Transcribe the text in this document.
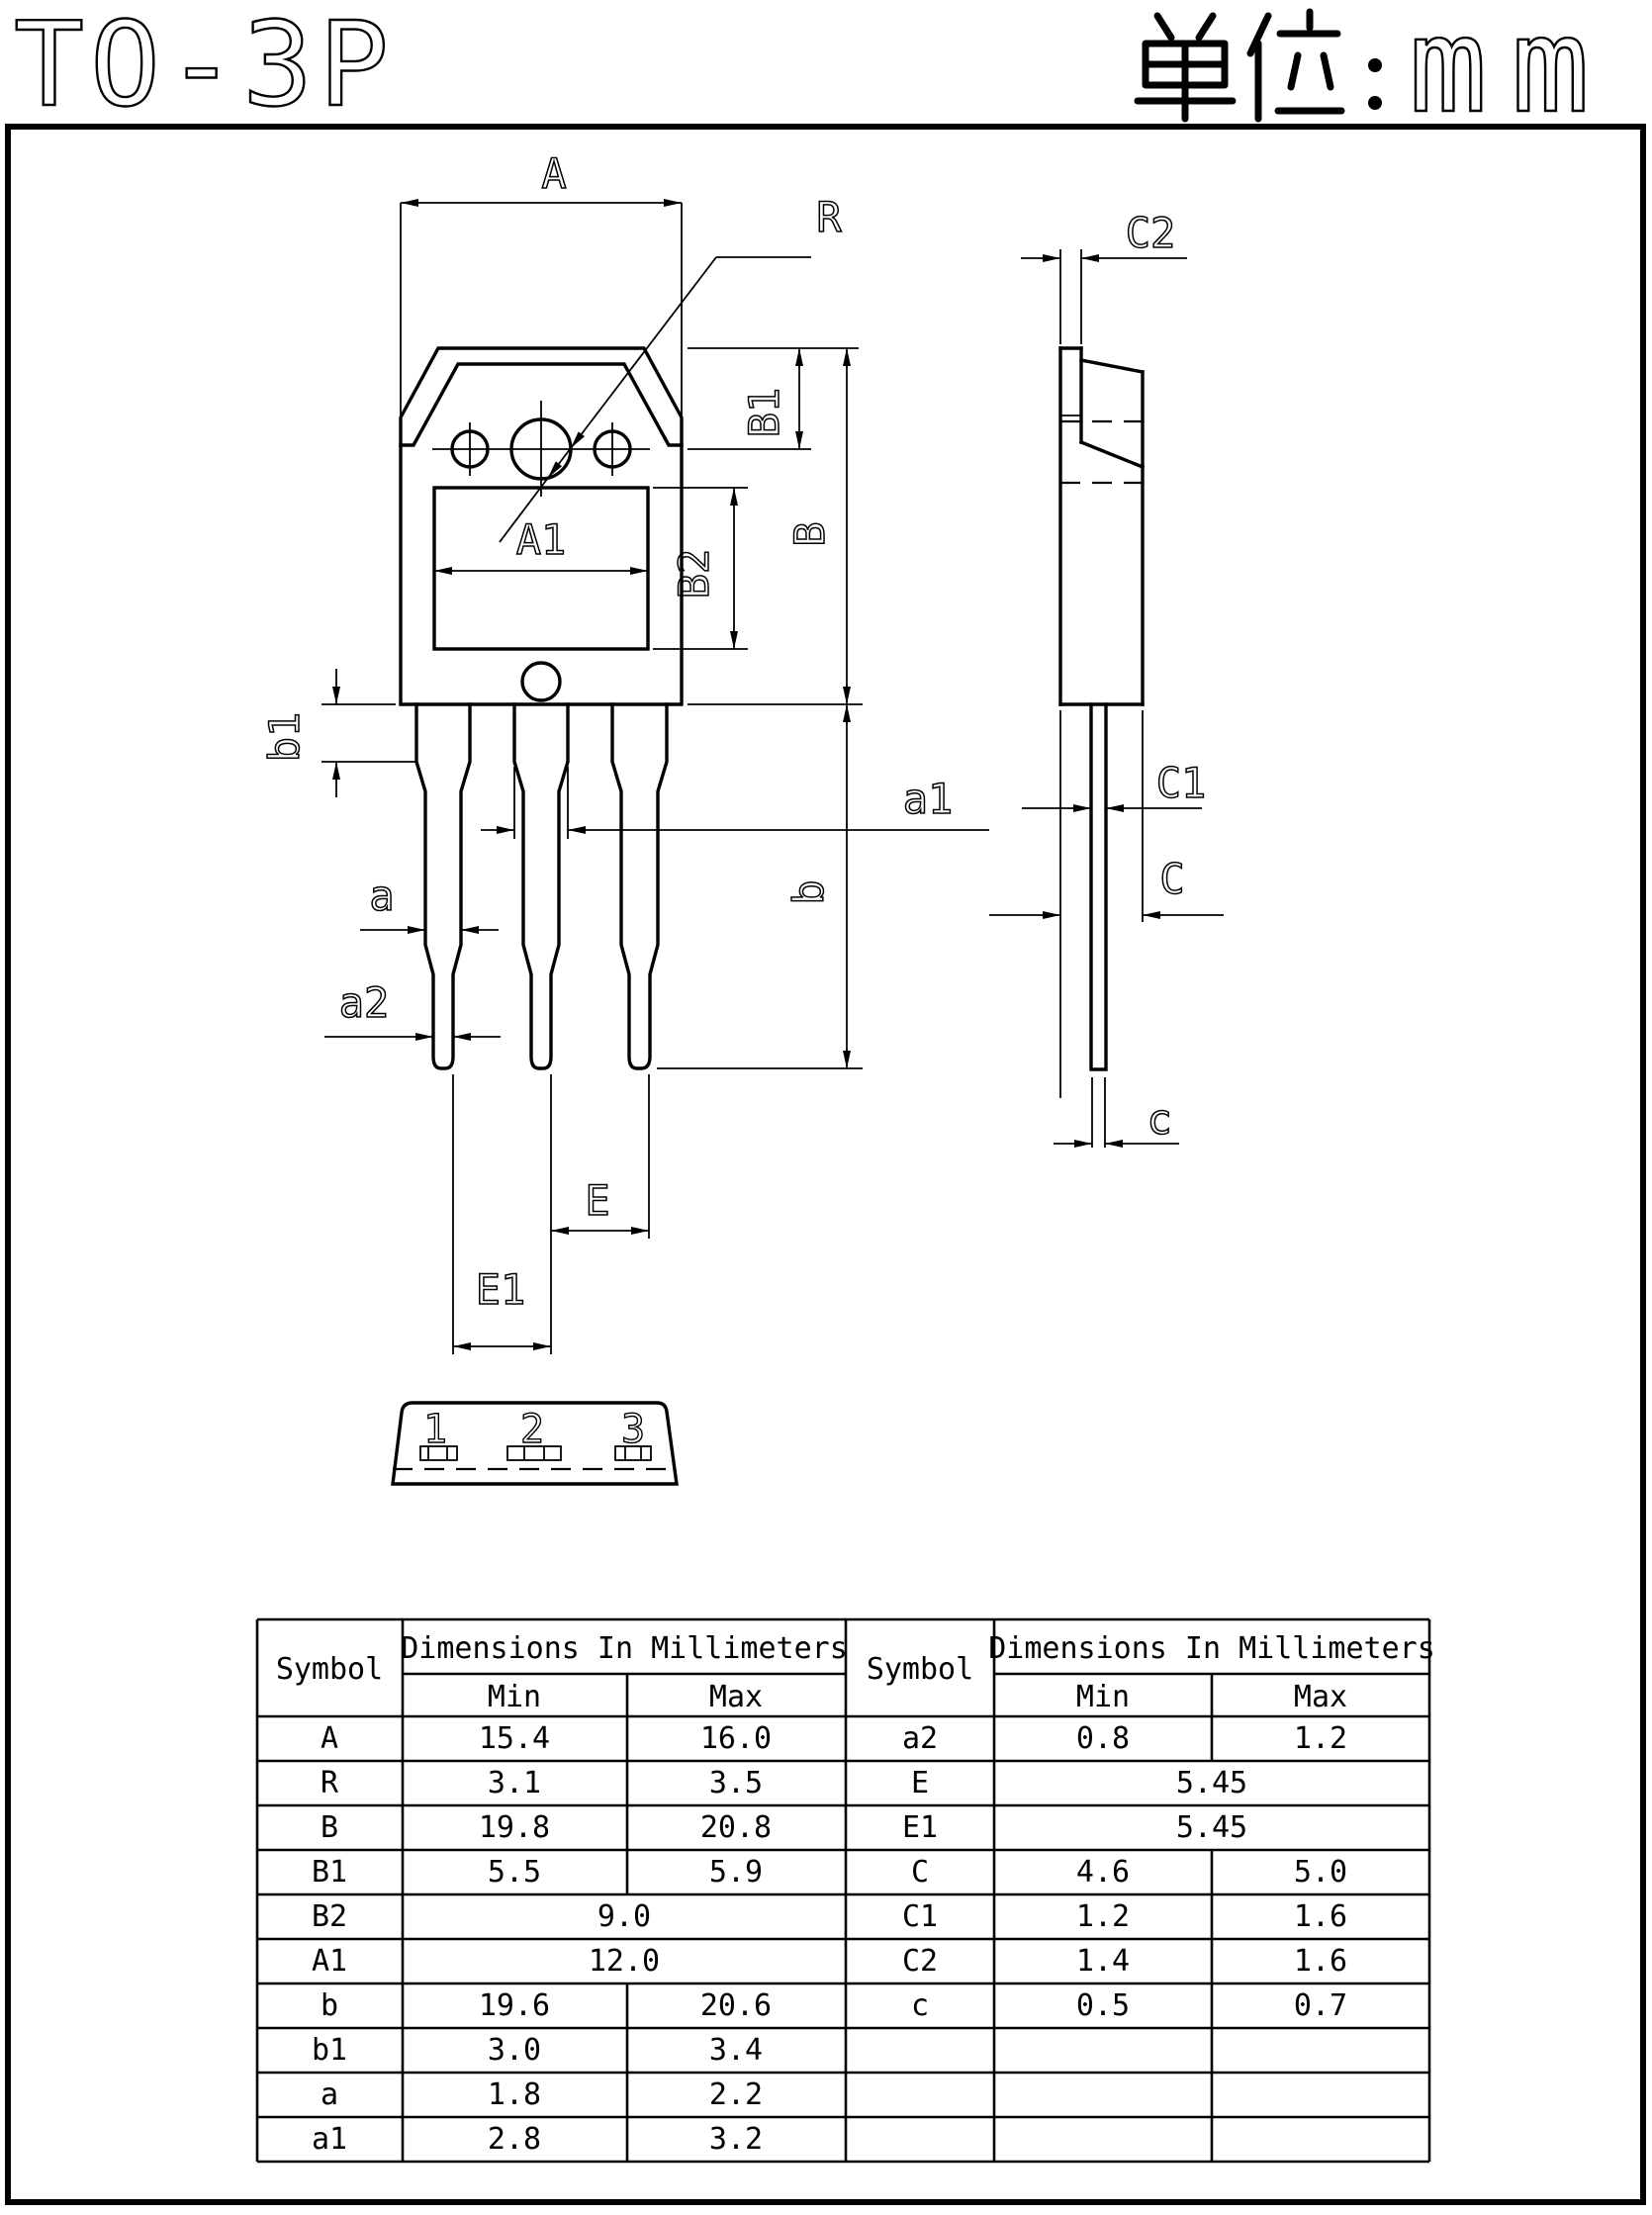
TO-3P	mm
A
R
A1
B1
B
B2
b
b1
a
a2
a1
E
E1
C2
C1
C
c
1 2 3
Symbol
Dimensions In Millimeters
Min	Max
A	15.4	16.0
R	3.1	3.5
B	19.8	20.8
B1	5.5	5.9
B2	9.0
A1	12.0
b	19.6	20.6
b1	3.0	3.4
a	1.8	2.2
a1	2.8	3.2
Symbol
Dimensions In Millimeters
Min	Max
a2	0.8	1.2
E	5.45
E1	5.45
C	4.6	5.0
C1	1.2	1.6
C2	1.4	1.6
c	0.5	0.7
